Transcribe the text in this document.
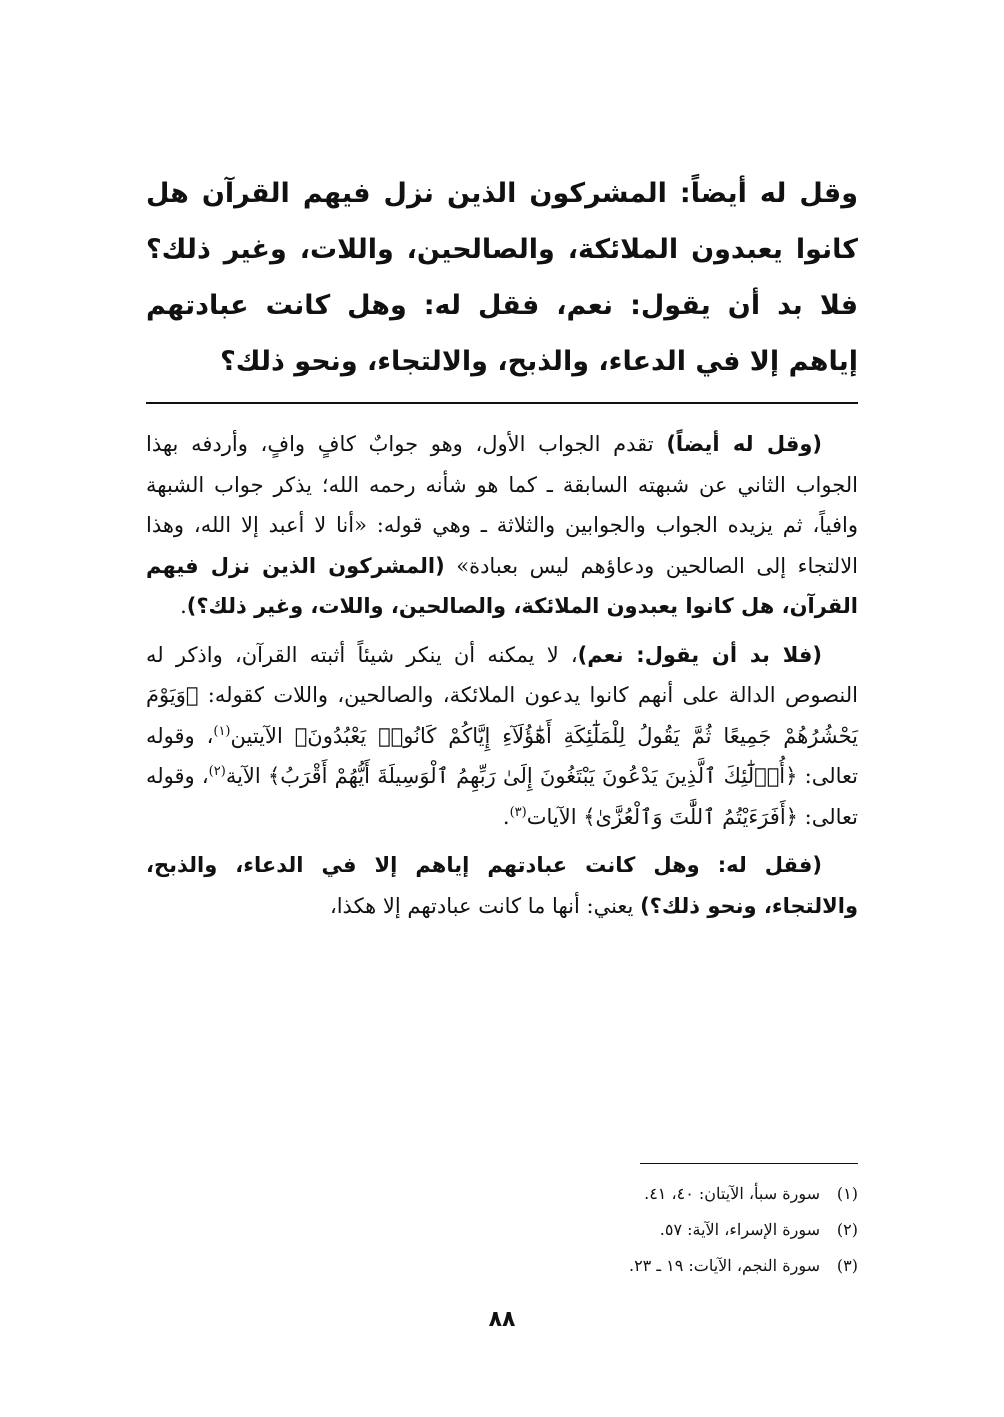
وقل له أيضاً: المشركون الذين نزل فيهم القرآن هل كانوا يعبدون الملائكة، والصالحين، واللات، وغير ذلك؟ فلا بد أن يقول: نعم، فقل له: وهل كانت عبادتهم إياهم إلا في الدعاء، والذبح، والالتجاء، ونحو ذلك؟

(وقل له أيضاً) تقدم الجواب الأول، وهو جوابٌ كافٍ وافٍ، وأردفه بهذا الجواب الثاني عن شبهته السابقة ـ كما هو شأنه رحمه الله؛ يذكر جواب الشبهة وافياً، ثم يزيده الجواب والجوابين والثلاثة ـ وهي قوله: «أنا لا أعبد إلا الله، وهذا الالتجاء إلى الصالحين ودعاؤهم ليس بعبادة» (المشركون الذين نزل فيهم القرآن، هل كانوا يعبدون الملائكة، والصالحين، واللات، وغير ذلك؟).

(فلا بد أن يقول: نعم)، لا يمكنه أن ينكر شيئاً أثبته القرآن، واذكر له النصوص الدالة على أنهم كانوا يدعون الملائكة، والصالحين، واللات كقوله: ﴿وَيَوْمَ يَحْشُرُهُمْ جَمِيعًا ثُمَّ يَقُولُ لِلْمَلَٰٓئِكَةِ أَهَٰٓؤُلَآءِ إِيَّاكُمْ كَانُوا۟ يَعْبُدُونَ﴾ الآيتين$^{(١)}$، وقوله تعالى: ﴿أُو۟لَٰٓئِكَ ٱلَّذِينَ يَدْعُونَ يَبْتَغُونَ إِلَىٰ رَبِّهِمُ ٱلْوَسِيلَةَ أَيُّهُمْ أَقْرَبُ﴾ الآية$^{(٢)}$، وقوله تعالى: ﴿أَفَرَءَيْتُمُ ٱللَّٰتَ وَٱلْعُزَّىٰ﴾ الآيات$^{(٣)}$.

(فقل له: وهل كانت عبادتهم إياهم إلا في الدعاء، والذبح، والالتجاء، ونحو ذلك؟) يعني: أنها ما كانت عبادتهم إلا هكذا،

(١)سورة سبأ، الآيتان: ٤٠، ٤١.
(٢)سورة الإسراء، الآية: ٥٧.
(٣)سورة النجم، الآيات: ١٩ ـ ٢٣.
٨٨
